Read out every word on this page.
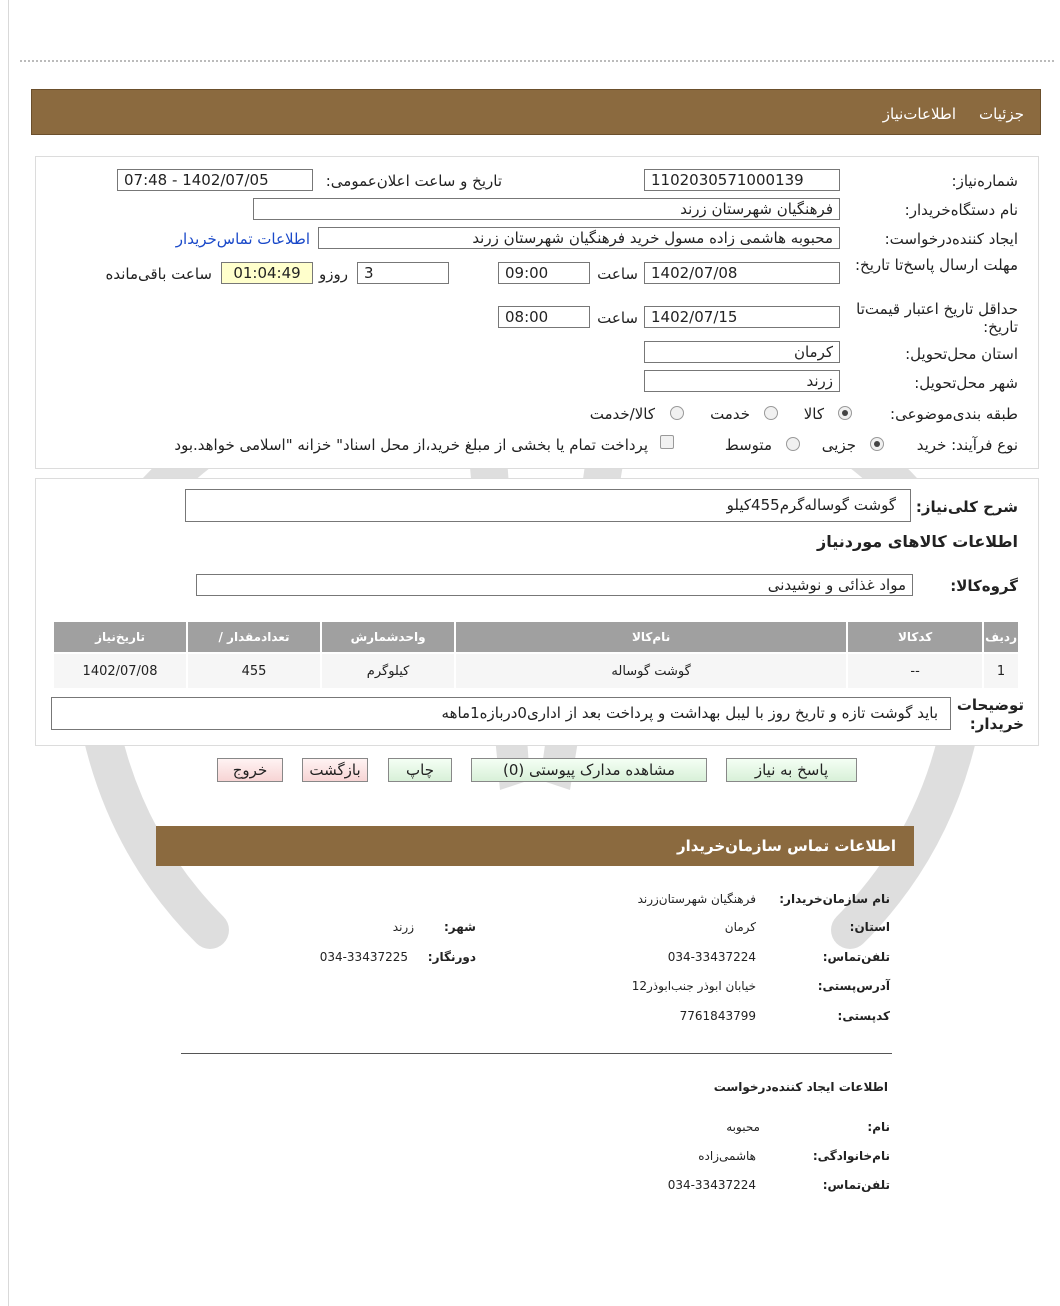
جزئیات
اطلاعات‌نیاز
شماره‌نیاز:
1102030571000139
تاریخ و ساعت اعلان‌عمومی:
1402/07/05 - 07:48
نام دستگاه‌خریدار:
فرهنگیان شهرستان زرند
ایجاد کننده‌درخواست:
محبوبه هاشمی زاده مسول خرید فرهنگیان شهرستان زرند
اطلاعات تماس‌خریدار
مهلت ارسال پاسخ‌تا تاریخ:
1402/07/08
ساعت
09:00
3
روزو
01:04:49
ساعت باقی‌مانده
حداقل تاریخ اعتبار قیمت‌تا تاریخ:
1402/07/15
ساعت
08:00
استان محل‌تحویل:
کرمان
شهر محل‌تحویل:
زرند
طبقه بندی‌موضوعی:
کالا
خدمت
کالا/خدمت
نوع فرآیند: خرید
جزیی
متوسط
پرداخت تمام یا بخشی از مبلغ خرید،از محل اسناد" خزانه "اسلامی خواهد.بود
شرح کلی‌نیاز:
گوشت گوساله‌گرم455کیلو
اطلاعات کالاهای موردنیاز
گروه‌کالا:
مواد غذائی و نوشیدنی
ردیف	کدکالا	نام‌کالا	واحدشمارش	تعدادمقدار /	تاریخ‌نیاز
1	--	گوشت گوساله	کیلوگرم	455	1402/07/08
توضیحات خریدار:
باید گوشت تازه و تاریخ روز با لیبل بهداشت و پرداخت بعد از اداری0دربازه1ماهه
پاسخ به نیاز
مشاهده مدارک پیوستی (0)
چاپ
بازگشت
خروج
اطلاعات تماس سازمان‌خریدار
نام سازمان‌خریدار:
فرهنگیان شهرستان‌زرند
استان:
کرمان
شهر:
زرند
تلفن‌تماس:
034-33437224
دورنگار:
034-33437225
آدرس‌پستی:
خیابان ابوذر جنب‌ابوذر12
کدپستی:
7761843799
اطلاعات ایجاد کننده‌درخواست
نام:
محبوبه
نام‌خانوادگی:
هاشمی‌زاده
تلفن‌تماس:
034-33437224
